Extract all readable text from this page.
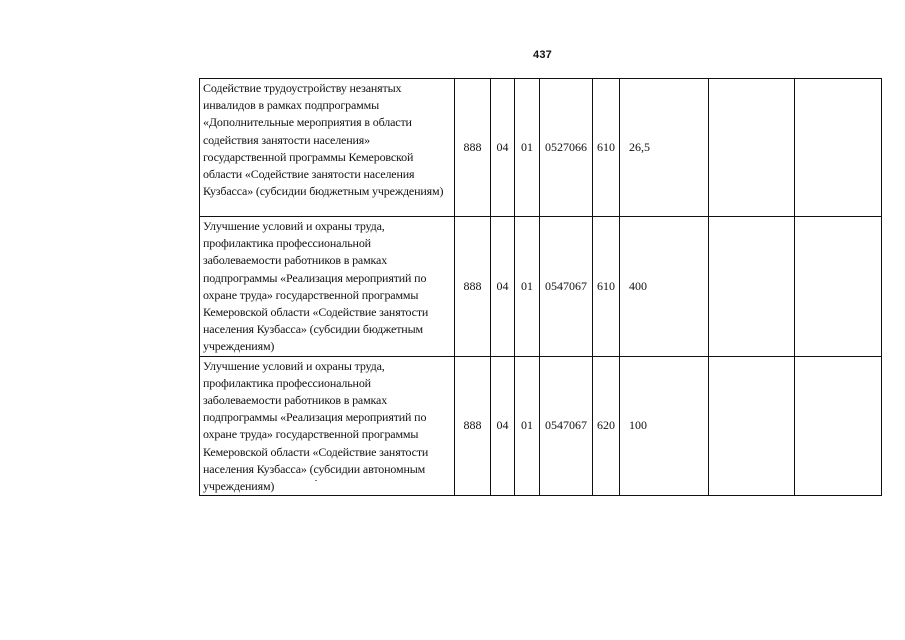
437
Содействие трудоустройству незанятых инвалидов в рамках подпрограммы «Дополнительные мероприятия в области содействия занятости населения» государственной программы Кемеровской области «Содействие занятости населения Кузбасса» (субсидии бюджетным учреждениям)	888	04	01	0527066	610	26,5		
Улучшение условий и охраны труда, профилактика профессиональной заболеваемости работников в рамках подпрограммы «Реализация мероприятий по охране труда» государственной программы Кемеровской области «Содействие занятости населения Кузбасса» (субсидии бюджетным учреждениям)	888	04	01	0547067	610	400		
Улучшение условий и охраны труда, профилактика профессиональной заболеваемости работников в рамках подпрограммы «Реализация мероприятий по охране труда» государственной программы Кемеровской области «Содействие занятости населения Кузбасса» (субсидии автономным учреждениям)	888	04	01	0547067	620	100		
